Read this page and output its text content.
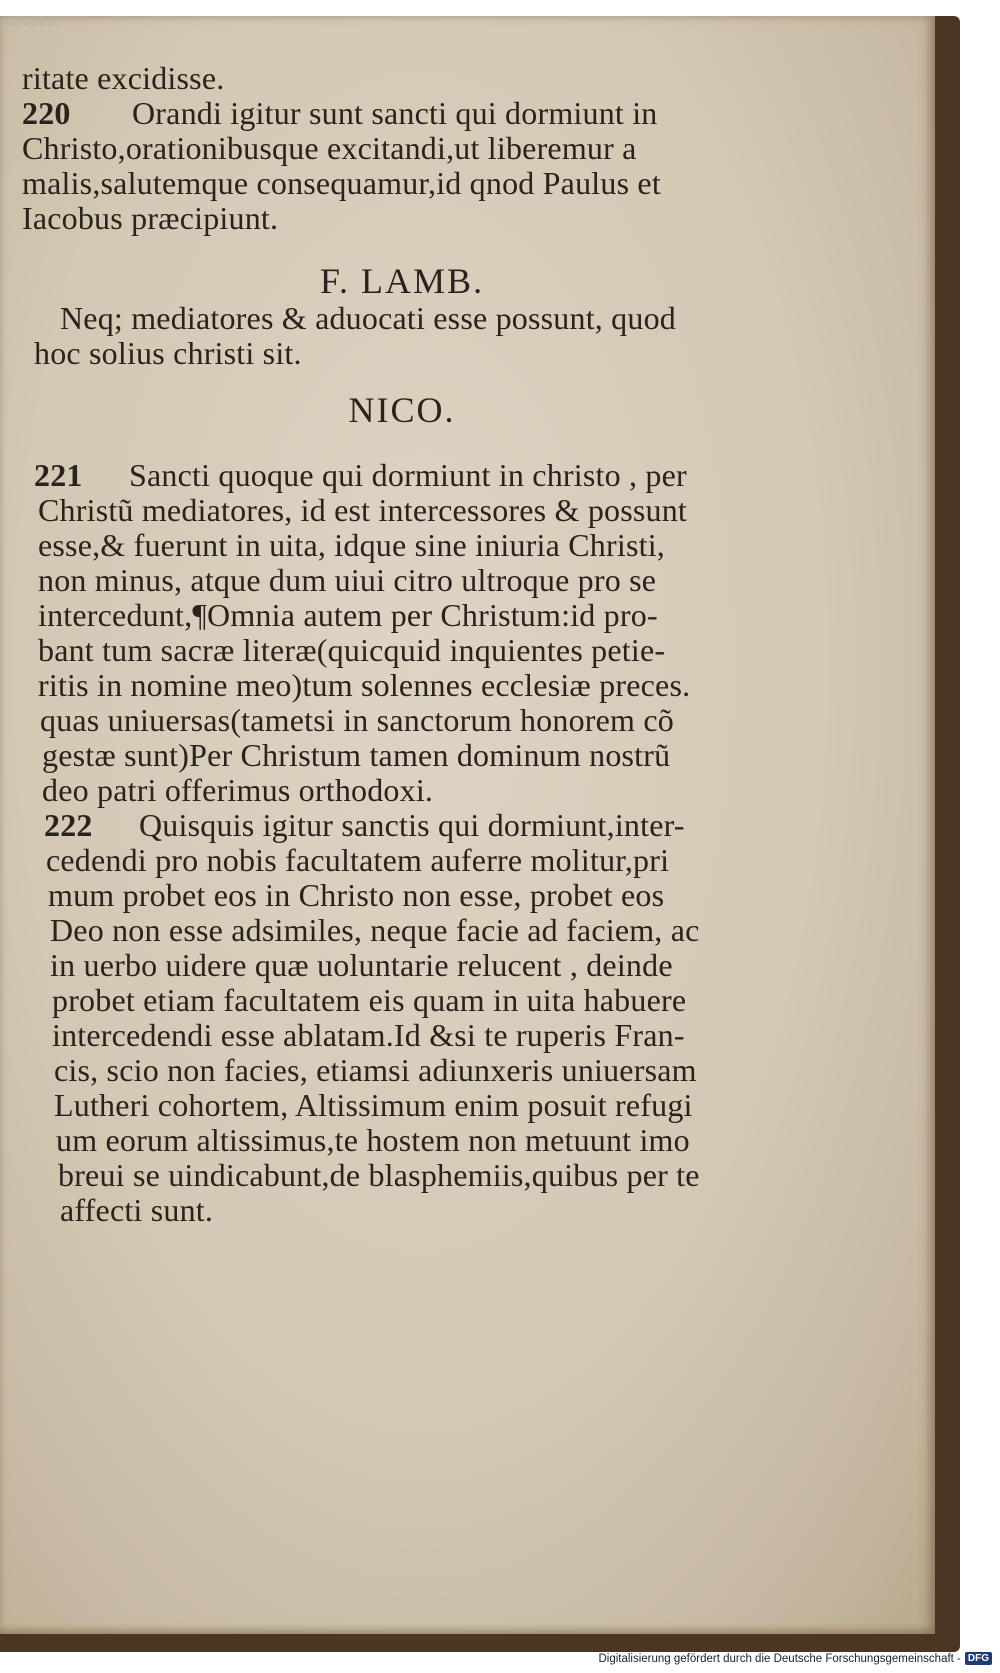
ritate excidisse.
220 Orandi igitur sunt sancti qui dormiunt in
Christo,orationibusque excitandi,ut liberemur a
malis,salutemque consequamur,id qnod Paulus et
Iacobus præcipiunt.
F. LAMB.
Neq; mediatores & aduocati esse possunt, quod
hoc solius christi sit.
NICO.
221 Sancti quoque qui dormiunt in christo , per
Christũ mediatores, id est intercessores & possunt
esse,& fuerunt in uita, idque sine iniuria Christi,
non minus, atque dum uiui citro ultroque pro se
intercedunt,¶Omnia autem per Christum:id pro-
bant tum sacræ literæ(quicquid inquientes petie-
ritis in nomine meo)tum solennes ecclesiæ preces.
quas uniuersas(tametsi in sanctorum honorem cõ
gestæ sunt)Per Christum tamen dominum nostrũ
deo patri offerimus orthodoxi.
222 Quisquis igitur sanctis qui dormiunt,inter-
cedendi pro nobis facultatem auferre molitur,pri
mum probet eos in Christo non esse, probet eos
Deo non esse adsimiles, neque facie ad faciem, ac
in uerbo uidere quæ uoluntarie relucent , deinde
probet etiam facultatem eis quam in uita habuere
intercedendi esse ablatam.Id &si te ruperis Fran-
cis, scio non facies, etiamsi adiunxeris uniuersam
Lutheri cohortem, Altissimum enim posuit refugi
um eorum altissimus,te hostem non metuunt imo
breui se uindicabunt,de blasphemiis,quibus per te
affecti sunt.
00028635
Digitalisierung gefördert durch die Deutsche Forschungsgemeinschaft - DFG
